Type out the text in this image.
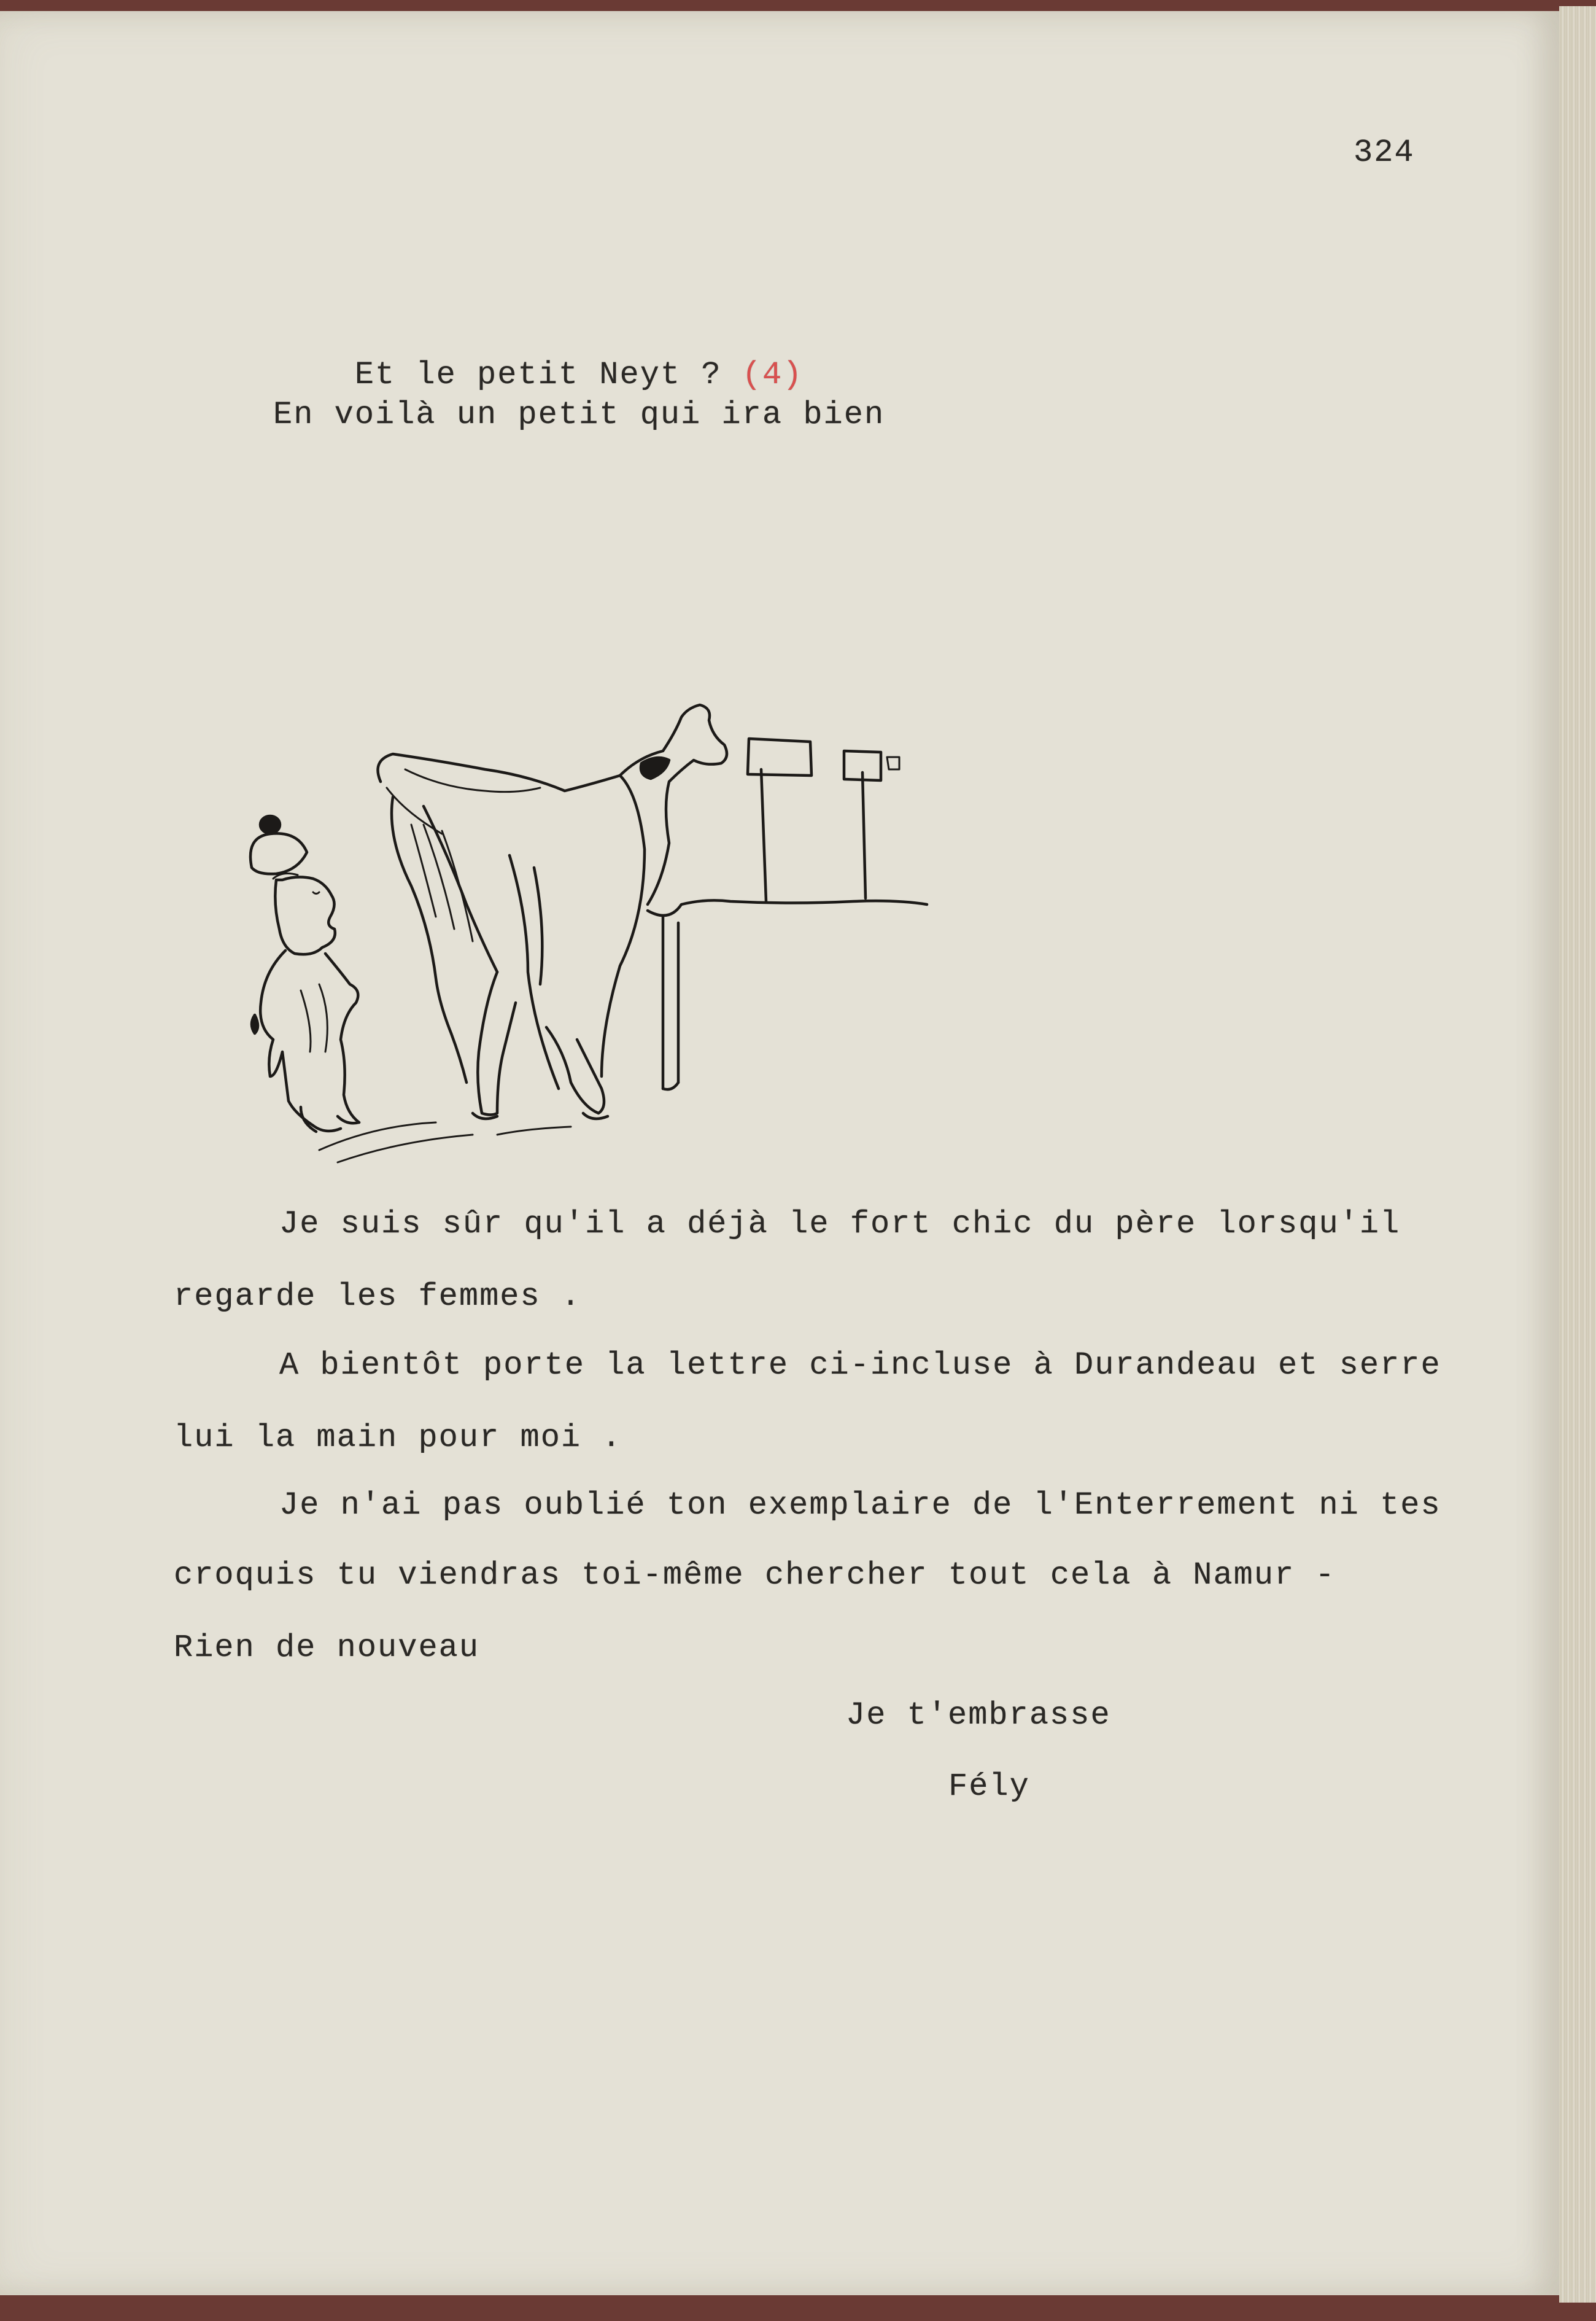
324

Et le petit Neyt ? (4)

En voilà un petit qui ira bien
Je suis sûr qu'il a déjà le fort chic du père lorsqu'il
regarde les femmes .
A bientôt porte la lettre ci-incluse à Durandeau et serre
lui la main pour moi .
Je n'ai pas oublié ton exemplaire de l'Enterrement ni tes
croquis tu viendras toi-même chercher tout cela à Namur -
Rien de nouveau
Je t'embrasse
Fély
